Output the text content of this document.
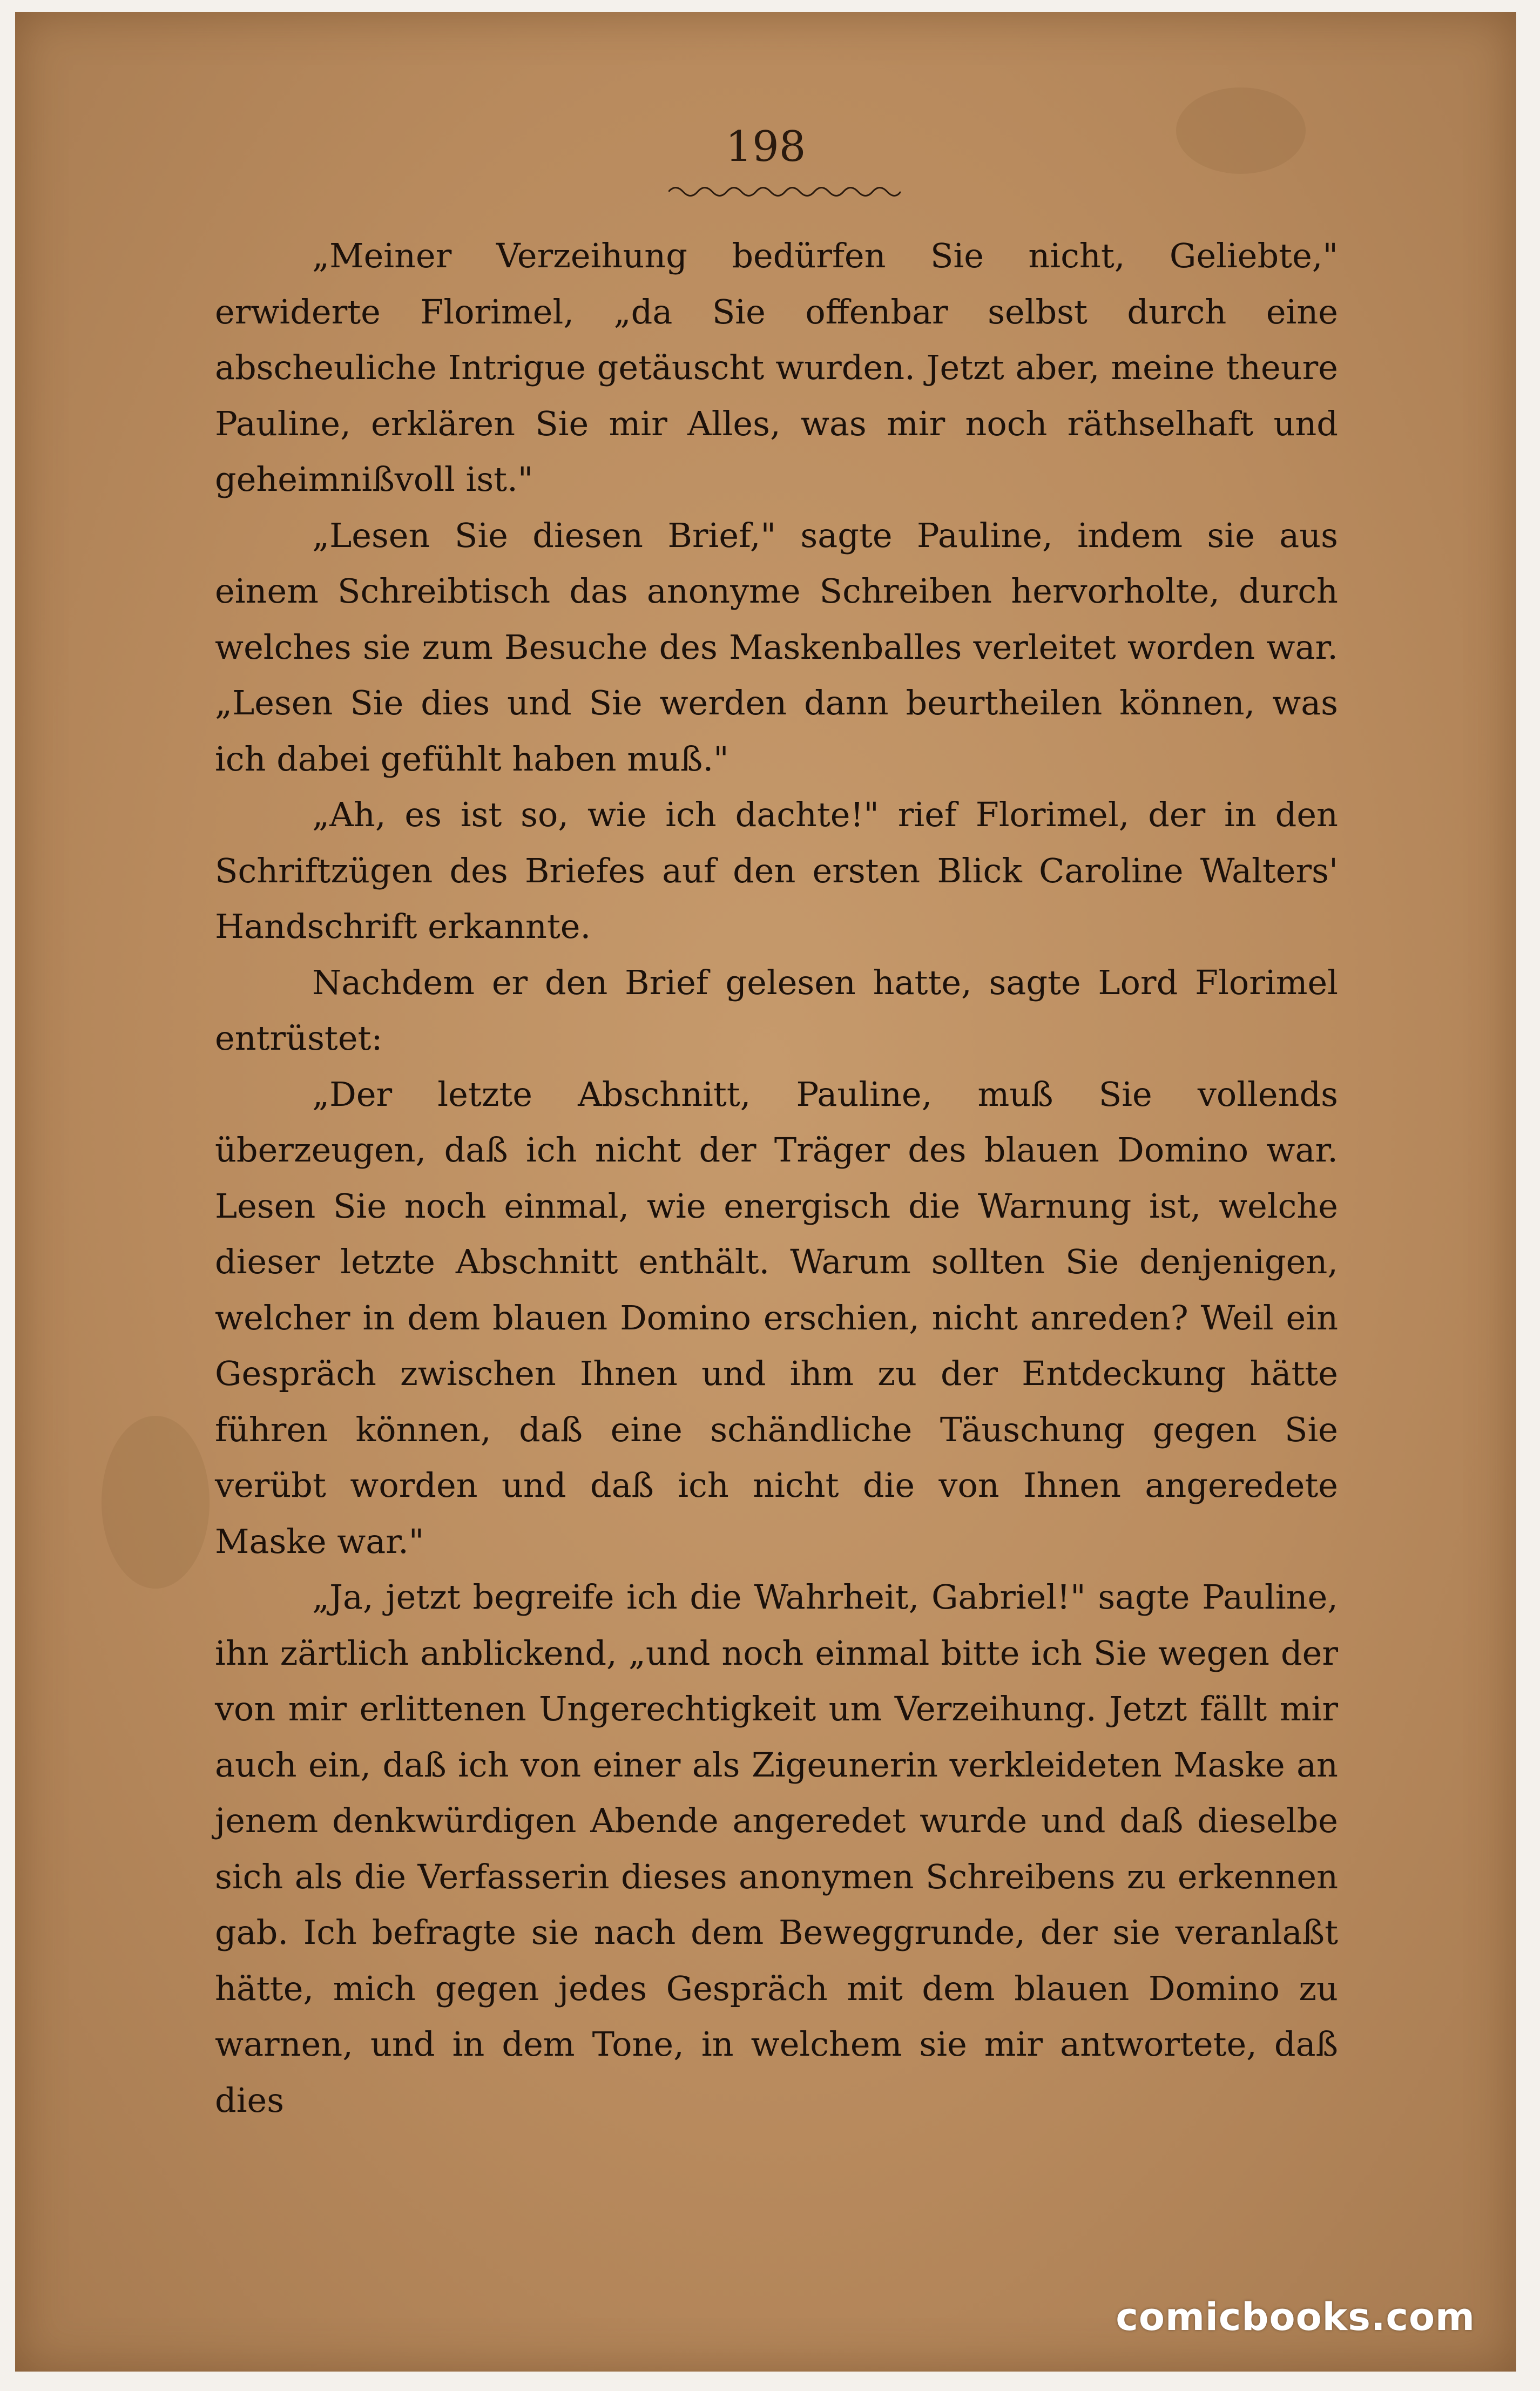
198

„Meiner Verzeihung bedürfen Sie nicht, Geliebte," erwiderte Florimel, „da Sie offenbar selbst durch eine abscheuliche Intrigue getäuscht wurden. Jetzt aber, meine theure Pauline, erklären Sie mir Alles, was mir noch räthselhaft und geheimnißvoll ist."

„Lesen Sie diesen Brief," sagte Pauline, indem sie aus einem Schreibtisch das anonyme Schreiben hervorholte, durch welches sie zum Besuche des Maskenballes verleitet worden war. „Lesen Sie dies und Sie werden dann beurtheilen können, was ich dabei gefühlt haben muß."

„Ah, es ist so, wie ich dachte!" rief Florimel, der in den Schriftzügen des Briefes auf den ersten Blick Caroline Walters' Handschrift erkannte.

Nachdem er den Brief gelesen hatte, sagte Lord Florimel entrüstet:

„Der letzte Abschnitt, Pauline, muß Sie vollends überzeugen, daß ich nicht der Träger des blauen Domino war. Lesen Sie noch einmal, wie energisch die Warnung ist, welche dieser letzte Abschnitt enthält. Warum sollten Sie denjenigen, welcher in dem blauen Domino erschien, nicht anreden? Weil ein Gespräch zwischen Ihnen und ihm zu der Entdeckung hätte führen können, daß eine schändliche Täuschung gegen Sie verübt worden und daß ich nicht die von Ihnen angeredete Maske war."

„Ja, jetzt begreife ich die Wahrheit, Gabriel!" sagte Pauline, ihn zärtlich anblickend, „und noch einmal bitte ich Sie wegen der von mir erlittenen Ungerechtigkeit um Verzeihung. Jetzt fällt mir auch ein, daß ich von einer als Zigeunerin verkleideten Maske an jenem denkwürdigen Abende angeredet wurde und daß dieselbe sich als die Verfasserin dieses anonymen Schreibens zu erkennen gab. Ich befragte sie nach dem Beweggrunde, der sie veranlaßt hätte, mich gegen jedes Gespräch mit dem blauen Domino zu warnen, und in dem Tone, in welchem sie mir antwortete, daß dies

comicbooks.com
